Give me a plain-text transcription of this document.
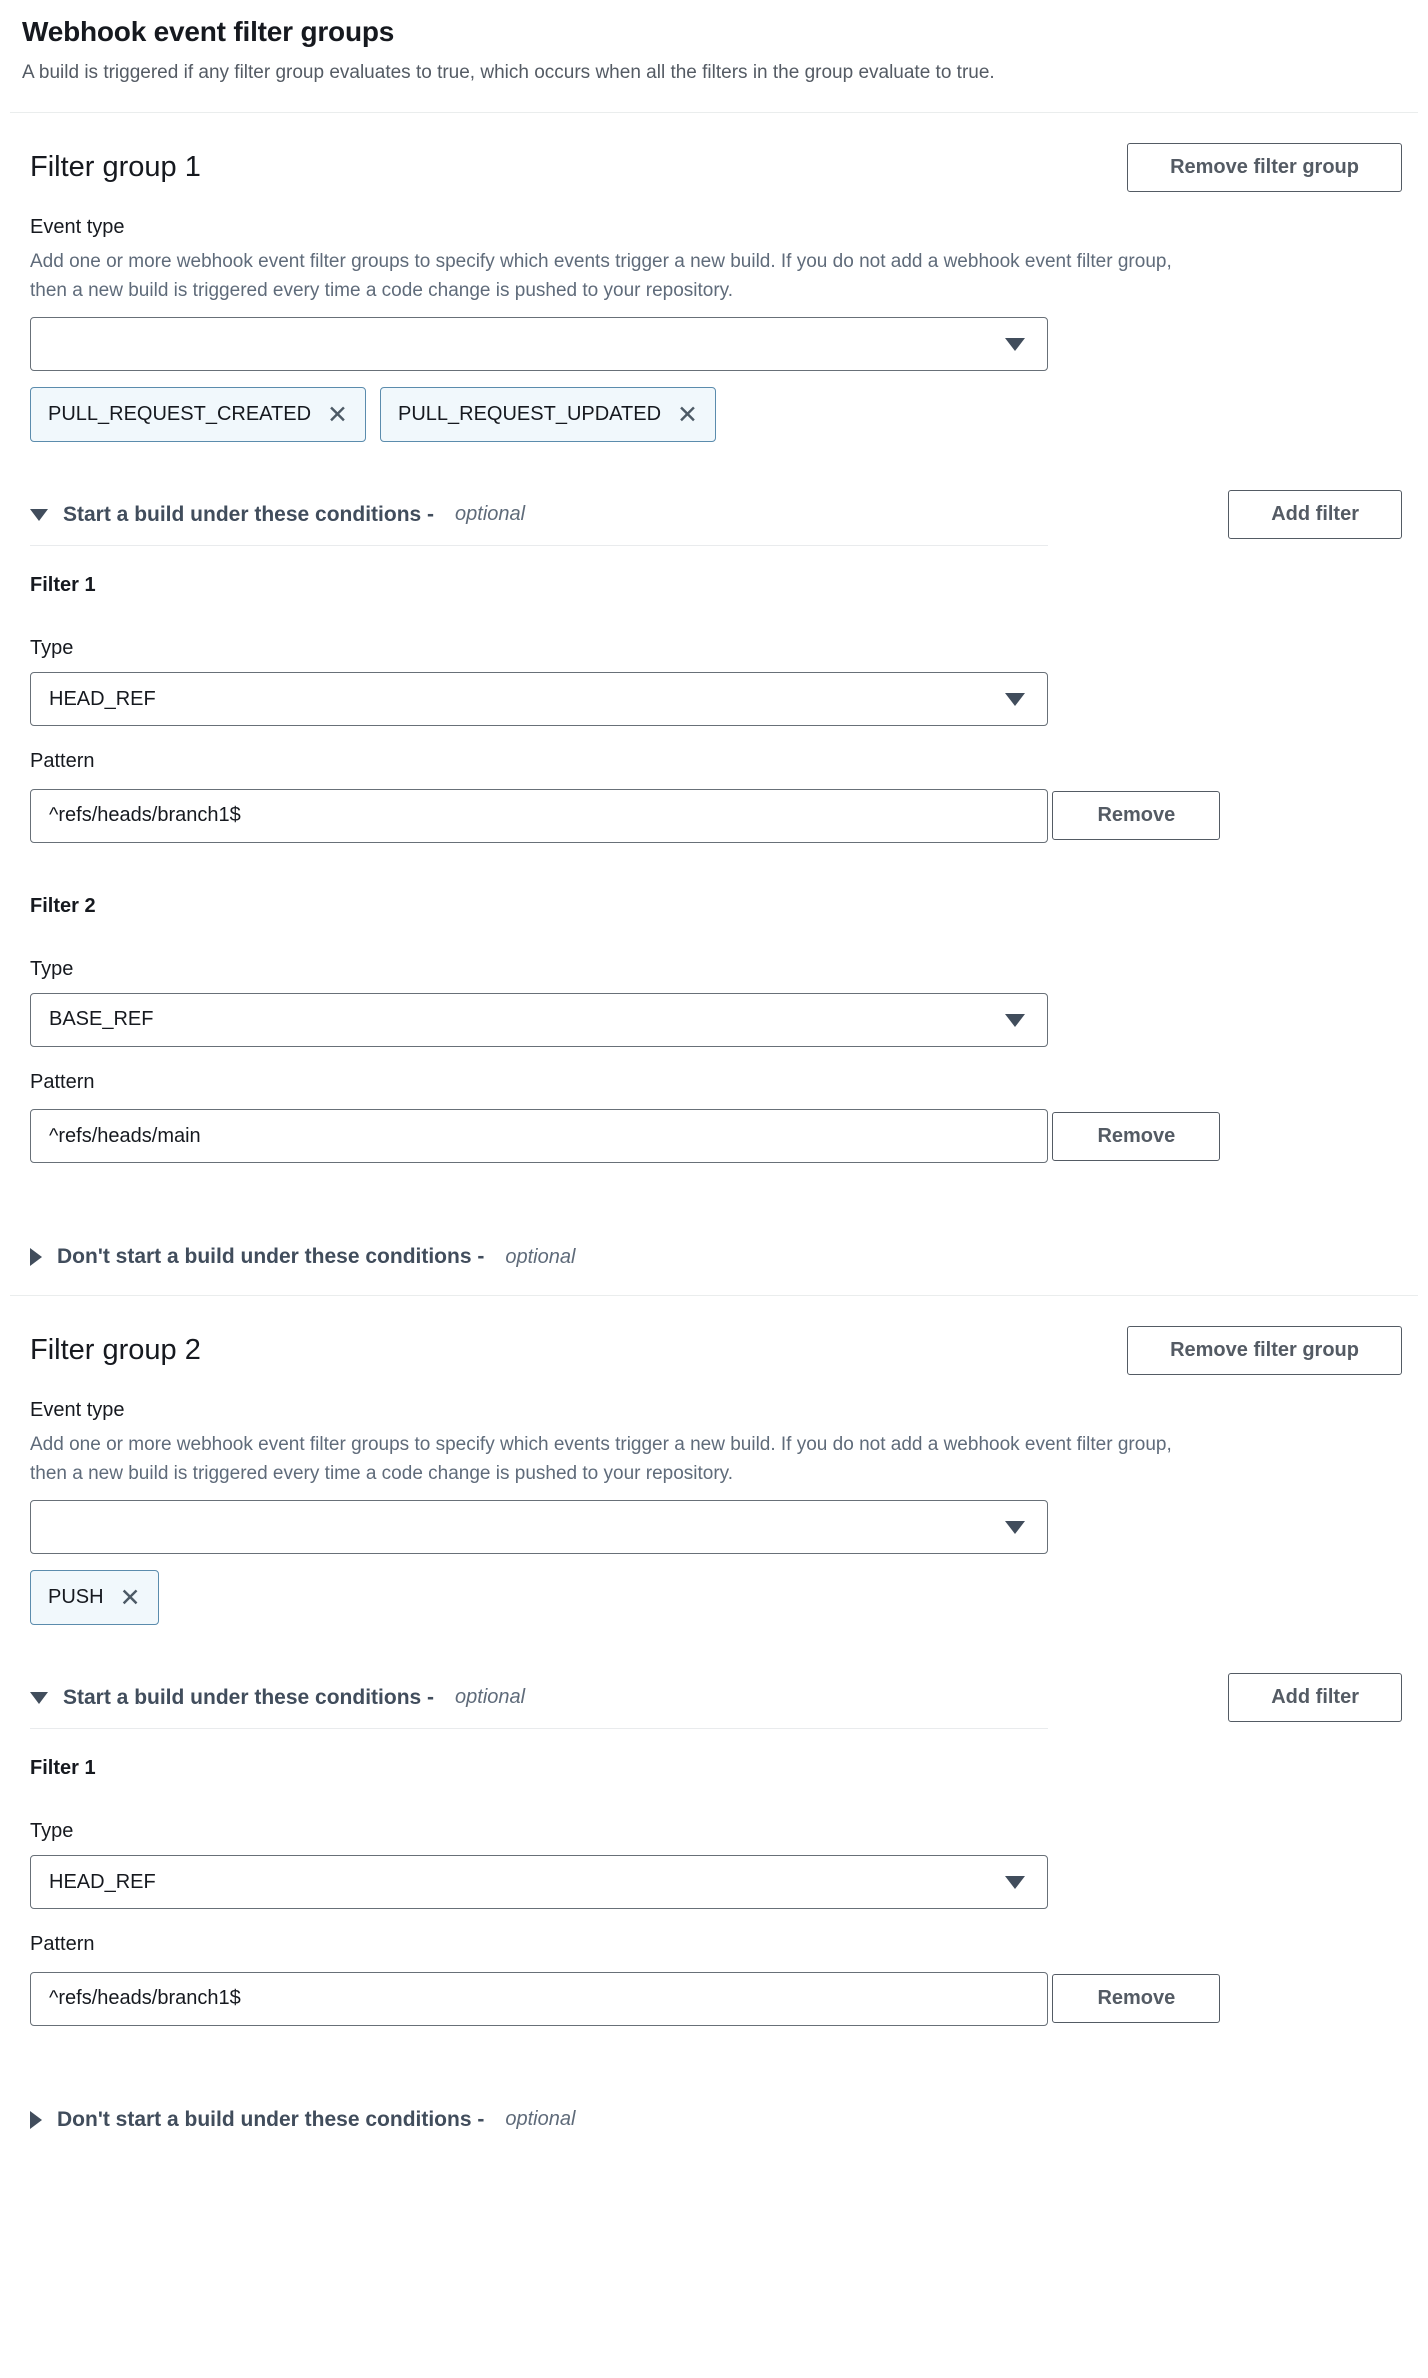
Webhook event filter groups
A build is triggered if any filter group evaluates to true, which occurs when all the filters in the group evaluate to true.
Filter group 1	Remove filter group
Event type
Add one or more webhook event filter groups to specify which events trigger a new build. If you do not add a webhook event filter group,
then a new build is triggered every time a code change is pushed to your repository.
PULL_REQUEST_CREATED ✕	PULL_REQUEST_UPDATED ✕
Start a build under these conditions - optional	Add filter
Filter 1
Type
HEAD_REF
Pattern
^refs/heads/branch1$ Remove
Filter 2
Type
BASE_REF
Pattern
^refs/heads/main Remove
Don't start a build under these conditions - optional
Filter group 2	Remove filter group
Event type
Add one or more webhook event filter groups to specify which events trigger a new build. If you do not add a webhook event filter group,
then a new build is triggered every time a code change is pushed to your repository.
PUSH ✕
Start a build under these conditions - optional	Add filter
Filter 1
Type
HEAD_REF
Pattern
^refs/heads/branch1$ Remove
Don't start a build under these conditions - optional
